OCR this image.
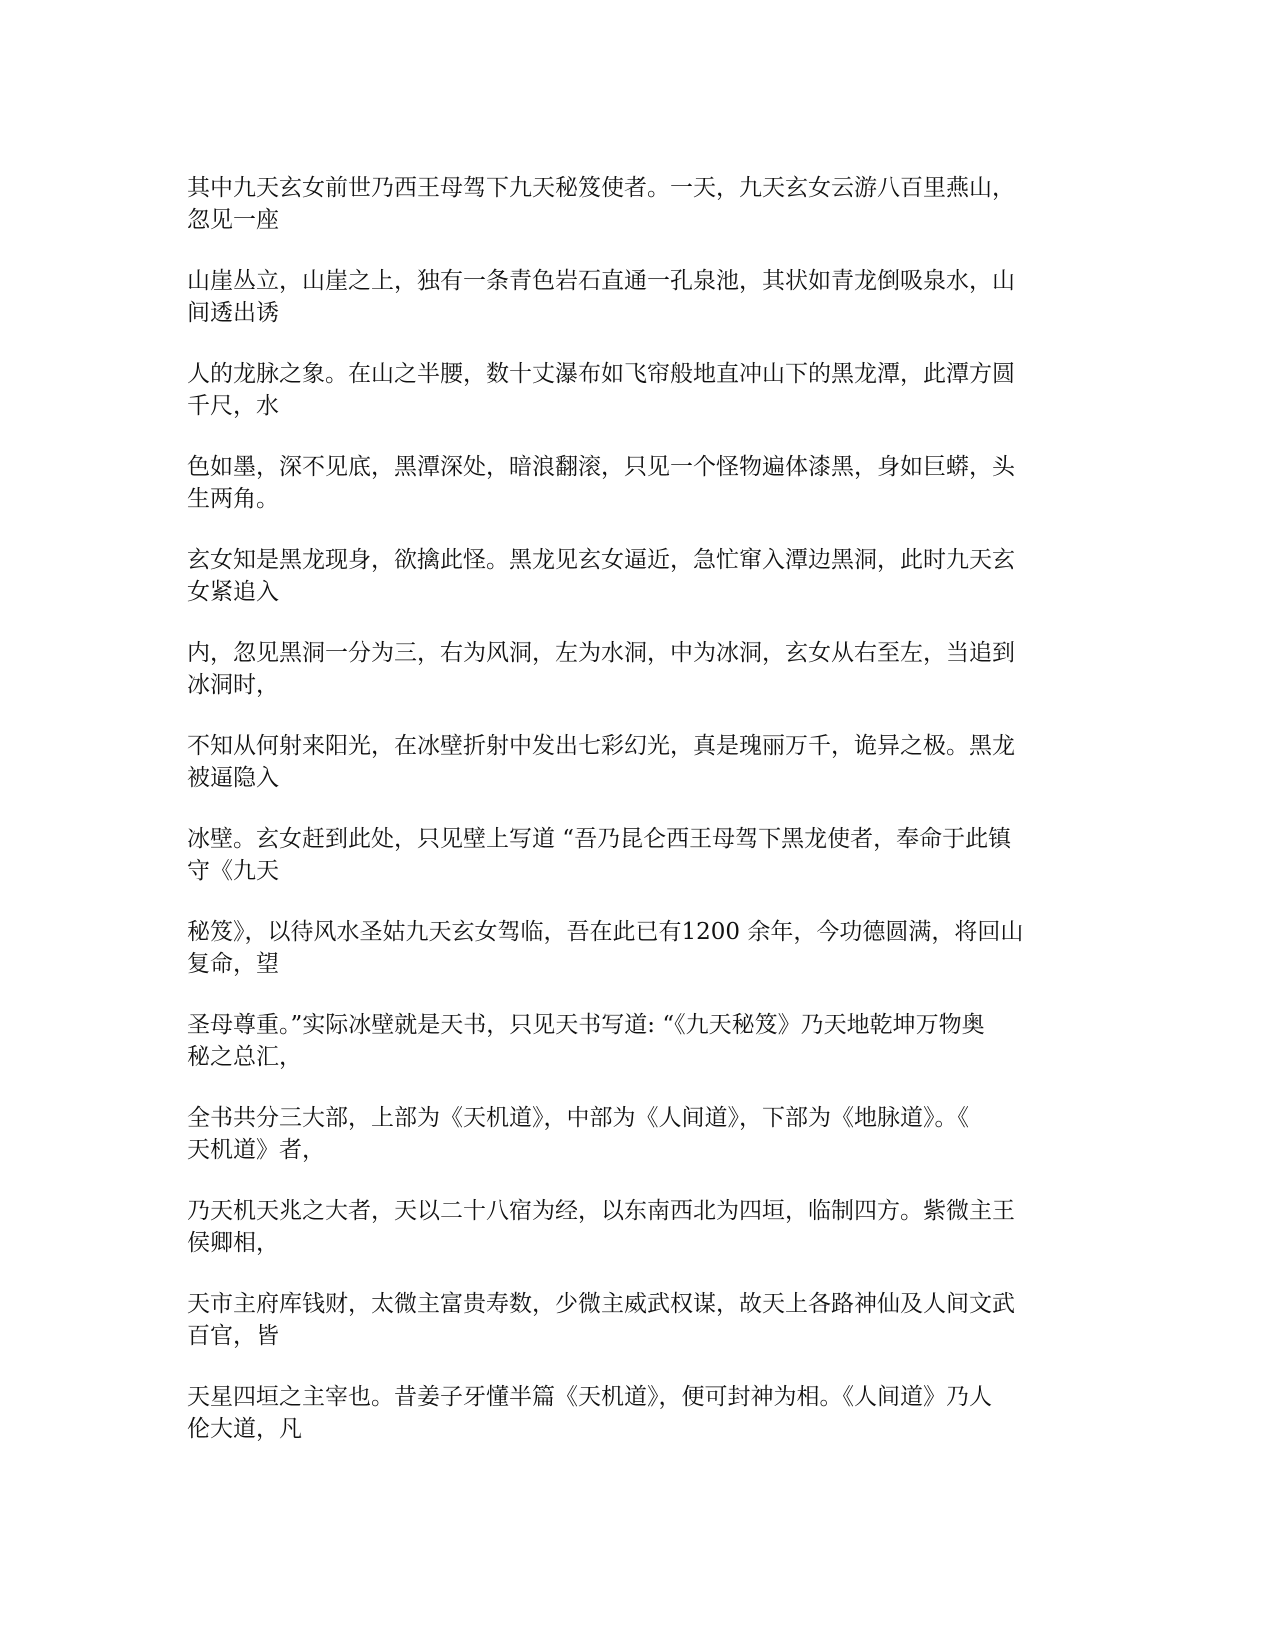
其中九天玄女前世乃西王母驾下九天秘笈使者。一天，九天玄女云游八百里燕山，
忽见一座

山崖丛立，山崖之上，独有一条青色岩石直通一孔泉池，其状如青龙倒吸泉水，山
间透出诱

人的龙脉之象。在山之半腰，数十丈瀑布如飞帘般地直冲山下的黑龙潭，此潭方圆
千尺，水

色如墨，深不见底，黑潭深处，暗浪翻滚，只见一个怪物遍体漆黑，身如巨蟒，头
生两角。

玄女知是黑龙现身，欲擒此怪。黑龙见玄女逼近，急忙窜入潭边黑洞，此时九天玄
女紧追入

内，忽见黑洞一分为三，右为风洞，左为水洞，中为冰洞，玄女从右至左，当追到
冰洞时，

不知从何射来阳光，在冰壁折射中发出七彩幻光，真是瑰丽万千，诡异之极。黑龙
被逼隐入

冰壁。玄女赶到此处，只见壁上写道 “吾乃昆仑西王母驾下黑龙使者，奉命于此镇
守《九天

秘笈》，以待风水圣姑九天玄女驾临，吾在此已有1200 余年，今功德圆满，将回山
复命，望

圣母尊重。”实际冰壁就是天书，只见天书写道: “《九天秘笈》乃天地乾坤万物奥
秘之总汇，

全书共分三大部，上部为《天机道》，中部为《人间道》，下部为《地脉道》。《
天机道》者，

乃天机天兆之大者，天以二十八宿为经，以东南西北为四垣，临制四方。紫微主王
侯卿相，

天市主府库钱财，太微主富贵寿数，少微主威武权谋，故天上各路神仙及人间文武
百官，皆

天星四垣之主宰也。昔姜子牙懂半篇《天机道》，便可封神为相。《人间道》乃人
伦大道，凡
